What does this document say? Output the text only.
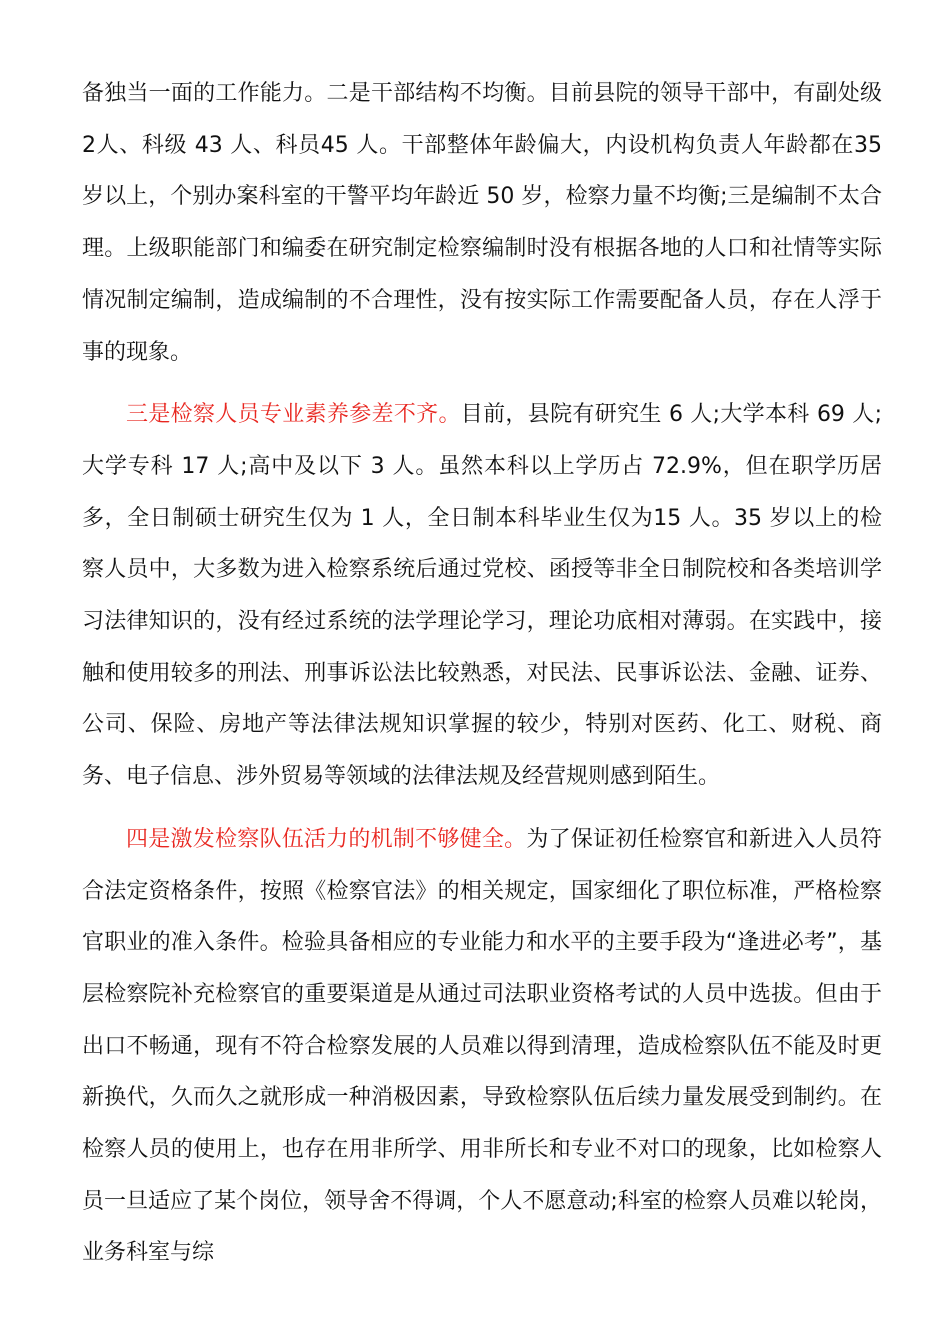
备独当一面的工作能力。二是干部结构不均衡。目前县院的领导干部中，有副处级2人、科级 43 人、科员45 人。干部整体年龄偏大，内设机构负责人年龄都在35 岁以上，个别办案科室的干警平均年龄近 50 岁，检察力量不均衡;三是编制不太合理。上级职能部门和编委在研究制定检察编制时没有根据各地的人口和社情等实际情况制定编制，造成编制的不合理性，没有按实际工作需要配备人员，存在人浮于事的现象。

三是检察人员专业素养参差不齐。目前，县院有研究生 6 人;大学本科 69 人;大学专科 17 人;高中及以下 3 人。虽然本科以上学历占 72.9%，但在职学历居多，全日制硕士研究生仅为 1 人，全日制本科毕业生仅为15 人。35 岁以上的检察人员中，大多数为进入检察系统后通过党校、函授等非全日制院校和各类培训学习法律知识的，没有经过系统的法学理论学习，理论功底相对薄弱。在实践中，接触和使用较多的刑法、刑事诉讼法比较熟悉，对民法、民事诉讼法、金融、证券、公司、保险、房地产等法律法规知识掌握的较少，特别对医药、化工、财税、商务、电子信息、涉外贸易等领域的法律法规及经营规则感到陌生。

四是激发检察队伍活力的机制不够健全。为了保证初任检察官和新进入人员符合法定资格条件，按照《检察官法》的相关规定，国家细化了职位标准，严格检察官职业的准入条件。检验具备相应的专业能力和水平的主要手段为“逢进必考”，基层检察院补充检察官的重要渠道是从通过司法职业资格考试的人员中选拔。但由于出口不畅通，现有不符合检察发展的人员难以得到清理，造成检察队伍不能及时更新换代，久而久之就形成一种消极因素，导致检察队伍后续力量发展受到制约。在检察人员的使用上，也存在用非所学、用非所长和专业不对口的现象，比如检察人员一旦适应了某个岗位，领导舍不得调，个人不愿意动;科室的检察人员难以轮岗，业务科室与综
